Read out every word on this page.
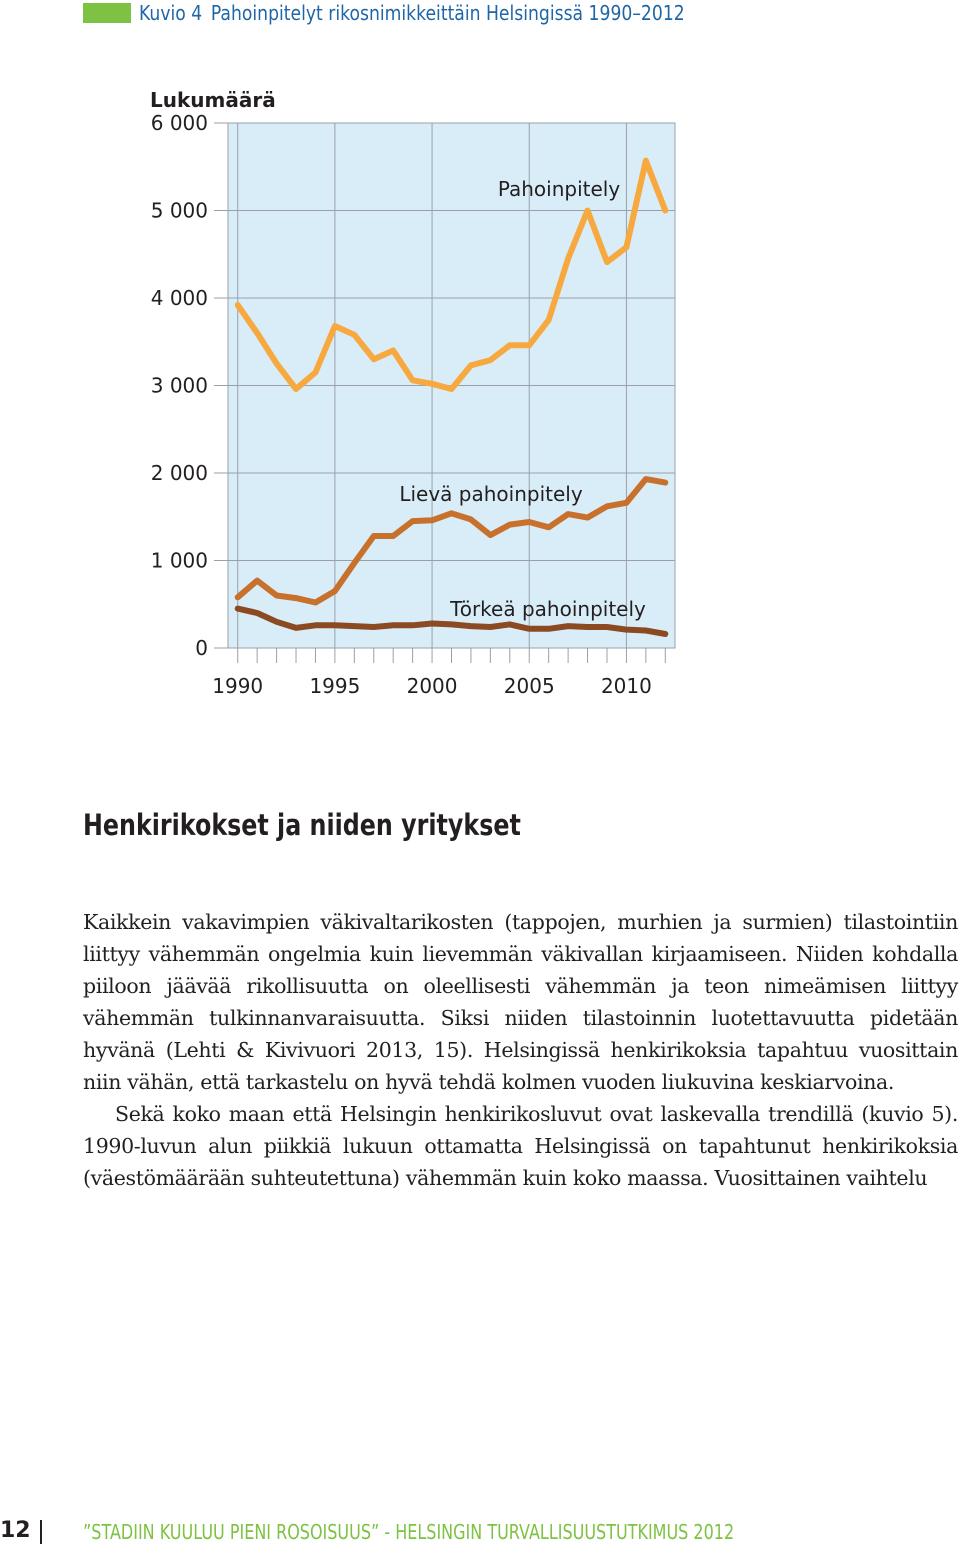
Kuvio 4 Pahoinpitelyt rikosnimikkeittäin Helsingissä 1990–2012
0
1 000
2 000
3 000
4 000
5 000
6 000
1990 1995 2000 2005 2010
Lukumäärä
Pahoinpitely
Lievä pahoinpitely
Törkeä pahoinpitely
Henkirikokset ja niiden yritykset

Kaikkein vakavimpien väkivaltarikosten (tappojen, murhien ja surmien) tilastointiin liittyy vähemmän ongelmia kuin lievemmän väkivallan kirjaamiseen. Niiden kohdalla piiloon jäävää rikollisuutta on oleellisesti vähemmän ja teon nimeämisen liittyy vähemmän tulkinnanvaraisuutta. Siksi niiden tilastoinnin luotettavuutta pidetään hyvänä (Lehti & Kivivuori 2013, 15). Helsingissä henkirikoksia tapahtuu vuosittain niin vähän, että tarkastelu on hyvä tehdä kolmen vuoden liukuvina keskiarvoina.

Sekä koko maan että Helsingin henkirikosluvut ovat laskevalla trendillä (kuvio 5). 1990-luvun alun piikkiä lukuun ottamatta Helsingissä on tapahtunut henkirikoksia (väestömäärään suhteutettuna) vähemmän kuin koko maassa. Vuosittainen vaihtelu

12	”STADIIN KUULUU PIENI ROSOISUUS” - HELSINGIN TURVALLISUUSTUTKIMUS 2012
